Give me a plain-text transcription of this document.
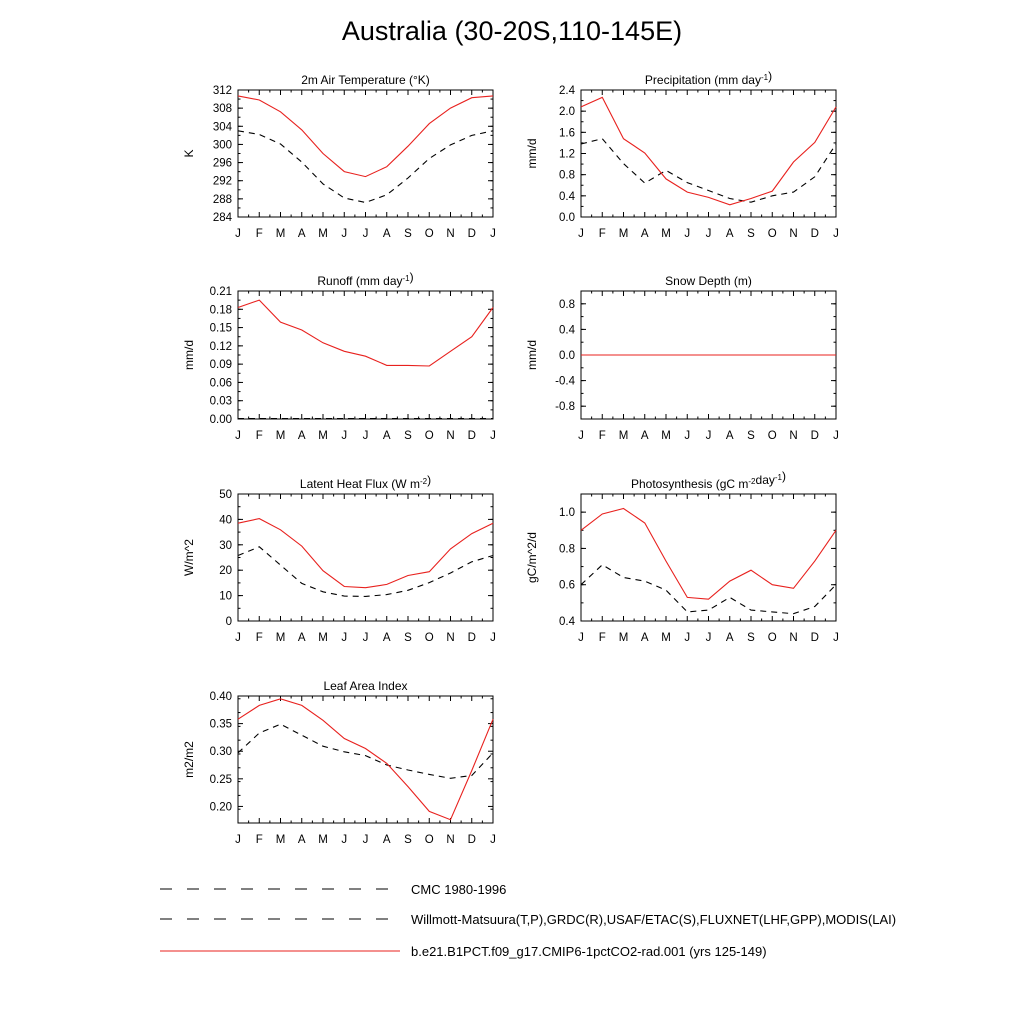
Australia (30-20S,110-145E)
2m Air Temperature (°K)
K
J F M A M J J A S O N D J
284
288
292
296
300
304
308
312
Precipitation (mm day$^{-1}$)
mm/d
J F M A M J J A S O N D J
0.0
0.4
0.8
1.2
1.6
2.0
2.4
Runoff (mm day$^{-1}$)
mm/d
J F M A M J J A S O N D J
0.00
0.03
0.06
0.09
0.12
0.15
0.18
0.21
Snow Depth (m)
mm/d
J F M A M J J A S O N D J
-0.8
-0.4
0.0
0.4
0.8
Latent Heat Flux (W $m^{-2}$)
W/m^2
J F M A M J J A S O N D J
0
10
20
30
40
50
Photosynthesis (gC $m^{-2}day^{-1}$)
gC/m^2/d
J F M A M J J A S O N D J
0.4
0.6
0.8
1.0
Leaf Area Index
m2/m2
J F M A M J J A S O N D J
0.20
0.25
0.30
0.35
0.40
CMC 1980-1996
Willmott-Matsuura(T,P),GRDC(R),USAF/ETAC(S),FLUXNET(LHF,GPP),MODIS(LAI)
b.e21.B1PCT.f09_g17.CMIP6-1pctCO2-rad.001 (yrs 125-149)
